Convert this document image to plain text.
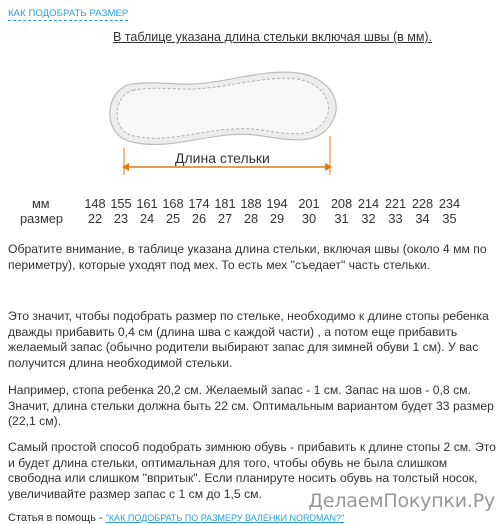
КАК ПОДОБРАТЬ РАЗМЕР
В таблице указана длина стельки включая швы (в мм).
Длина стельки
мм	148	155	161	168	174	181	188	194	201	208	214	221	228	234
размер	22	23	24	25	26	27	28	29	30	31	32	33	34	35

Обратите внимание, в таблице указана длина стельки, включая швы (около 4 мм по периметру), которые уходят под мех. То есть мех "съедает" часть стельки.

Это значит, чтобы подобрать размер по стельке, необходимо к длине стопы ребенка дважды прибавить 0,4 см (длина шва с каждой части) , а потом еще прибавить желаемый запас (обычно родители выбирают запас для зимней обуви 1 см). У вас получится длина необходимой стельки.

Например, стопа ребенка 20,2 см. Желаемый запас - 1 см. Запас на шов - 0,8 см. Значит, длина стельки должна быть 22 см. Оптимальным вариантом будет 33 размер (22,1 см).

Самый простой способ подобрать зимнюю обувь - прибавить к длине стопы 2 см. Это и будет длина стельки, оптимальная для того, чтобы обувь не была слишком свободна или слишком "впритык". Если планируте носить обувь на толстый носок, увеличивайте размер запас с 1 см до 1,5 см.

Статья в помощь - "КАК ПОДОБРАТЬ ПО РАЗМЕРУ ВАЛЕНКИ NORDMAN?"
ДелаемПокупки.Ру
